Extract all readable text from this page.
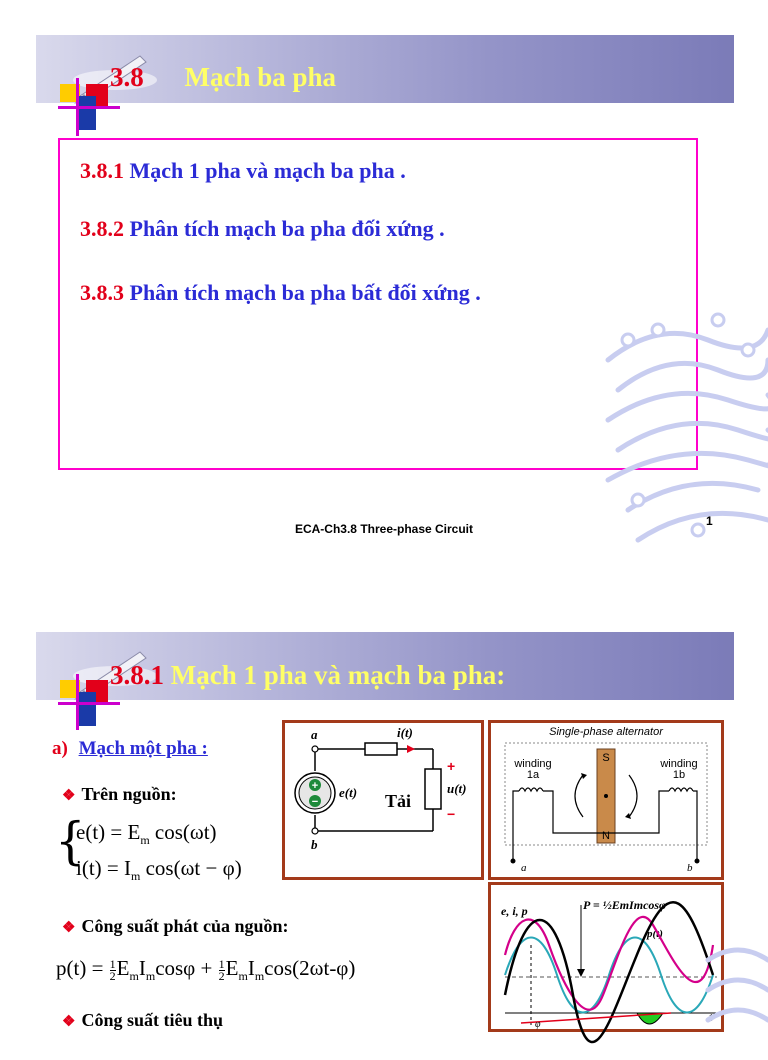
3.8 Mạch ba pha
3.8.1 Mạch 1 pha và mạch ba pha .
3.8.2 Phân tích mạch ba pha đối xứng .
3.8.3 Phân tích mạch ba pha bất đối xứng .
ECA-Ch3.8 Three-phase Circuit
1
3.8.1 Mạch 1 pha và mạch ba pha:
a) Mạch một pha :
❖ Trên nguồn:
{
$e(t) = E_m$ cos(ωt)
$i(t) = I_m$ cos(ωt − φ)
❖ Công suất phát của nguồn:
$p(t) = \frac{1}{2} E_mI_m\cos\varphi + \frac{1}{2} E_mI_m\cos(2\omega t-\varphi)$
❖ Công suất tiêu thụ
+
−
a
b
i(t)
e(t)	u(t)
Tải
+
−
Single-phase alternator
S
N
winding
1a
winding
1b
a	b
e, i, p	P = ½EmImcosφ
p(t)
t
φ
